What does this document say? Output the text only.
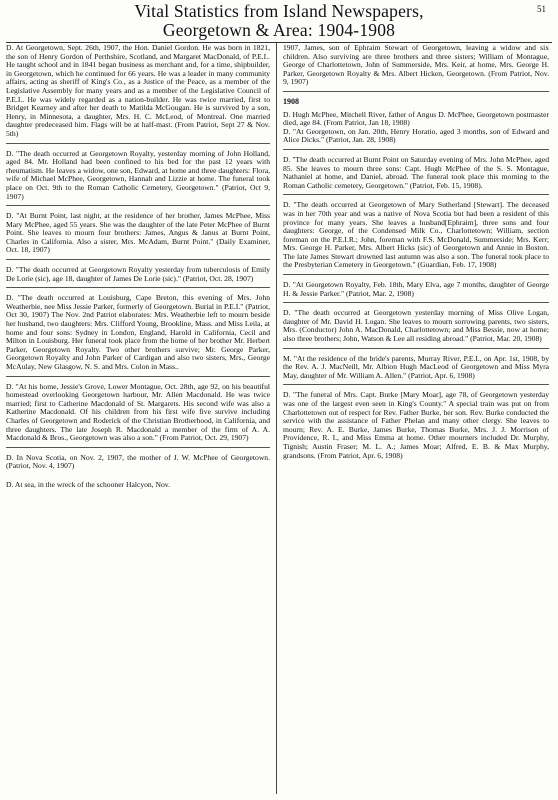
Vital Statistics from Island Newspapers,
Georgetown & Area: 1904-1908
51

D. At Georgetown, Sept. 26th, 1907, the Hon. Daniel Gordon. He was born in 1821, the son of Henry Gordon of Perthshire, Scotland, and Margaret MacDonald, of P.E.I.. He taught school and in 1841 began business as merchant and, for a time, shipbuilder, in Georgetown, which he continued for 66 years. He was a leader in many community affairs, acting as sheriff of King's Co., as a Justice of the Peace, as a member of the Legislative Assembly for many years and as a member of the Legislative Council of P.E.I.. He was widely regarded as a nation-builder. He was twice married, first to Bridget Kearney and after her death to Matilda McGougan. He is survived by a son, Henry, in Minnesota, a daughter, Mrs. H. C. McLeod, of Montreal. One married daughter predeceased him. Flags will be at half-mast. (From Patriot, Sept 27 & Nov. 5th)

D. "The death occurred at Georgetown Royalty, yesterday morning of John Holland, aged 84. Mr. Holland had been confined to his bed for the past 12 years with rheumatism. He leaves a widow, one son, Edward, at home and three daughters: Flora, wife of Michael McPhee, Georgetown, Hannah and Lizzie at home. The funeral took place on Oct. 9th to the Roman Catholic Cemetery, Georgetown." (Patriot, Oct 9, 1907)

D. "At Burnt Point, last night, at the residence of her brother, James McPhee, Miss Mary McPhee, aged 55 years. She was the daughter of the late Peter McPhee of Burnt Point. She leaves to mourn four brothers: James, Angus & Janus at Burnt Point, Charles in California. Also a sister, Mrs. McAdam, Burnt Point." (Daily Examiner, Oct. 18, 1907)

D. "The death occurred at Georgetown Royalty yesterday from tuberculosis of Emily De Lorie (sic), age 18, daughter of James De Lorie (sic)." (Patriot, Oct. 28, 1907)

D. "The death occurred at Louisburg, Cape Breton, this evening of Mrs. John Weatherbie, nee Miss Jessie Parker, formerly of Georgetown. Burial in P.E.I." (Patriot, Oct 30, 1907) The Nov. 2nd Patriot elaborates: Mrs. Weatherbie left to mourn beside her husband, two daughters: Mrs. Clifford Young, Brookline, Mass. and Miss Leila, at home and four sons: Sydney in London, England, Harold in California, Cecil and Milton in Louisburg. Her funeral took place from the home of her brother Mr. Herbert Parker, Georgetown Royalty. Two other brothers survive; Mr. George Parker, Georgetown Royalty and John Parker of Cardigan and also two sisters, Mrs., George McAulay, New Glasgow, N. S. and Mrs. Colon in Mass..

D. "At his home, Jessie's Grove, Lower Montague, Oct. 28th, age 92, on his beautiful homestead overlooking Georgetown harbour, Mr. Allen Macdonald. He was twice married; first to Catherine Macdonald of St. Margarets. His second wife was also a Katherine Macdonald. Of his children from his first wife five survive including Charles of Georgetown and Roderick of the Christian Brotherhood, in California, and three daughters. The late Joseph R. Macdonald a member of the firm of A. A. Macdonald & Bros., Georgetown was also a son." (From Patriot, Oct. 29, 1907)

D. In Nova Scotia, on Nov. 2, 1907, the mother of J. W. McPhee of Georgetown. (Patriot, Nov. 4, 1907)

D. At sea, in the wreck of the schooner Halcyon, Nov.

1907, James, son of Ephraim Stewart of Georgetown, leaving a widow and six children. Also surviving are three brothers and three sisters; William of Montague, George of Charlottetown, John of Summerside, Mrs. Keir, at home, Mrs. George H. Parker, Georgetown Royalty & Mrs. Albert Hicken, Georgetown. (From Patriot, Nov. 9, 1907)

1908

D. Hugh McPhee, Mitchell River, father of Angus D. McPhee, Georgetown postmaster died, age 84. (From Patriot, Jan 18, 1908)
D. "At Georgetown, on Jan. 20th, Henry Horatio, aged 3 months, son of Edward and Alice Dicks." (Patriot, Jan. 28, 1908)

D. "The death occurred at Burnt Point on Saturday evening of Mrs. John McPhee, aged 85. She leaves to mourn three sons: Capt. Hugh McPhee of the S. S. Montague, Nathaniel at home, and Daniel, abroad. The funeral took place this morning to the Roman Catholic cemetery, Georgetown." (Patriot, Feb. 15, 1908).

D. "The death occurred at Georgetown of Mary Sutherland [Stewart]. The deceased was in her 70th year and was a native of Nova Scotia but had been a resident of this province for many years. She leaves a husband[Ephraim], three sons and four daughters: George, of the Condensed Milk Co., Charlottetown; William, section foreman on the P.E.I.R.; John, foreman with F.S. McDonald, Summerside; Mrs. Kerr; Mrs. George H. Parker, Mrs. Albert Hicks (sic) of Georgetown and Annie in Boston. The late James Stewart drowned last autumn was also a son. The funeral took place to the Presbyterian Cemetery in Georgetown." (Guardian, Feb. 17, 1908)

D. "At Georgetown Royalty, Feb. 18th, Mary Elva, age 7 months, daughter of George H. & Jessie Parker." (Patriot, Mar. 2, 1908)

D. "The death occurred at Georgetown yesterday morning of Miss Olive Logan, daughter of Mr. David H. Logan. She leaves to mourn sorrowing parents, two sisters, Mrs. (Conductor) John A. MacDonald, Charlottetown; and Miss Bessie, now at home; also three brothers; John, Watson & Lee all residing abroad." (Patriot, Mar. 20, 1908)

M. "At the residence of the bride's parents, Murray River, P.E.I., on Apr. 1st, 1908, by the Rev. A. J. MacNeill, Mr. Albion Hugh MacLeod of Georgetown and Miss Myra May, daughter of Mr. William A. Allen." (Patriot, Apr. 6, 1908)

D. "The funeral of Mrs. Capt. Burke [Mary Moar], age 78, of Georgetown yesterday was one of the largest even seen in King's County." A special train was put on from Charlottetown out of respect for Rev. Father Burke, her son. Rev. Burke conducted the service with the assistance of Father Phelan and many other clergy. She leaves to mourn; Rev. A. E. Burke, James Burke, Thomas Burke, Mrs. J. J. Morrison of Providence, R. I., and Miss Emma at home. Other mourners included Dr. Murphy, Tignish; Austin Fraser; M. L. A.; James Moar; Alfred, E. B. & Max Murphy, grandsons. (From Patriot, Apr. 6, 1908)
